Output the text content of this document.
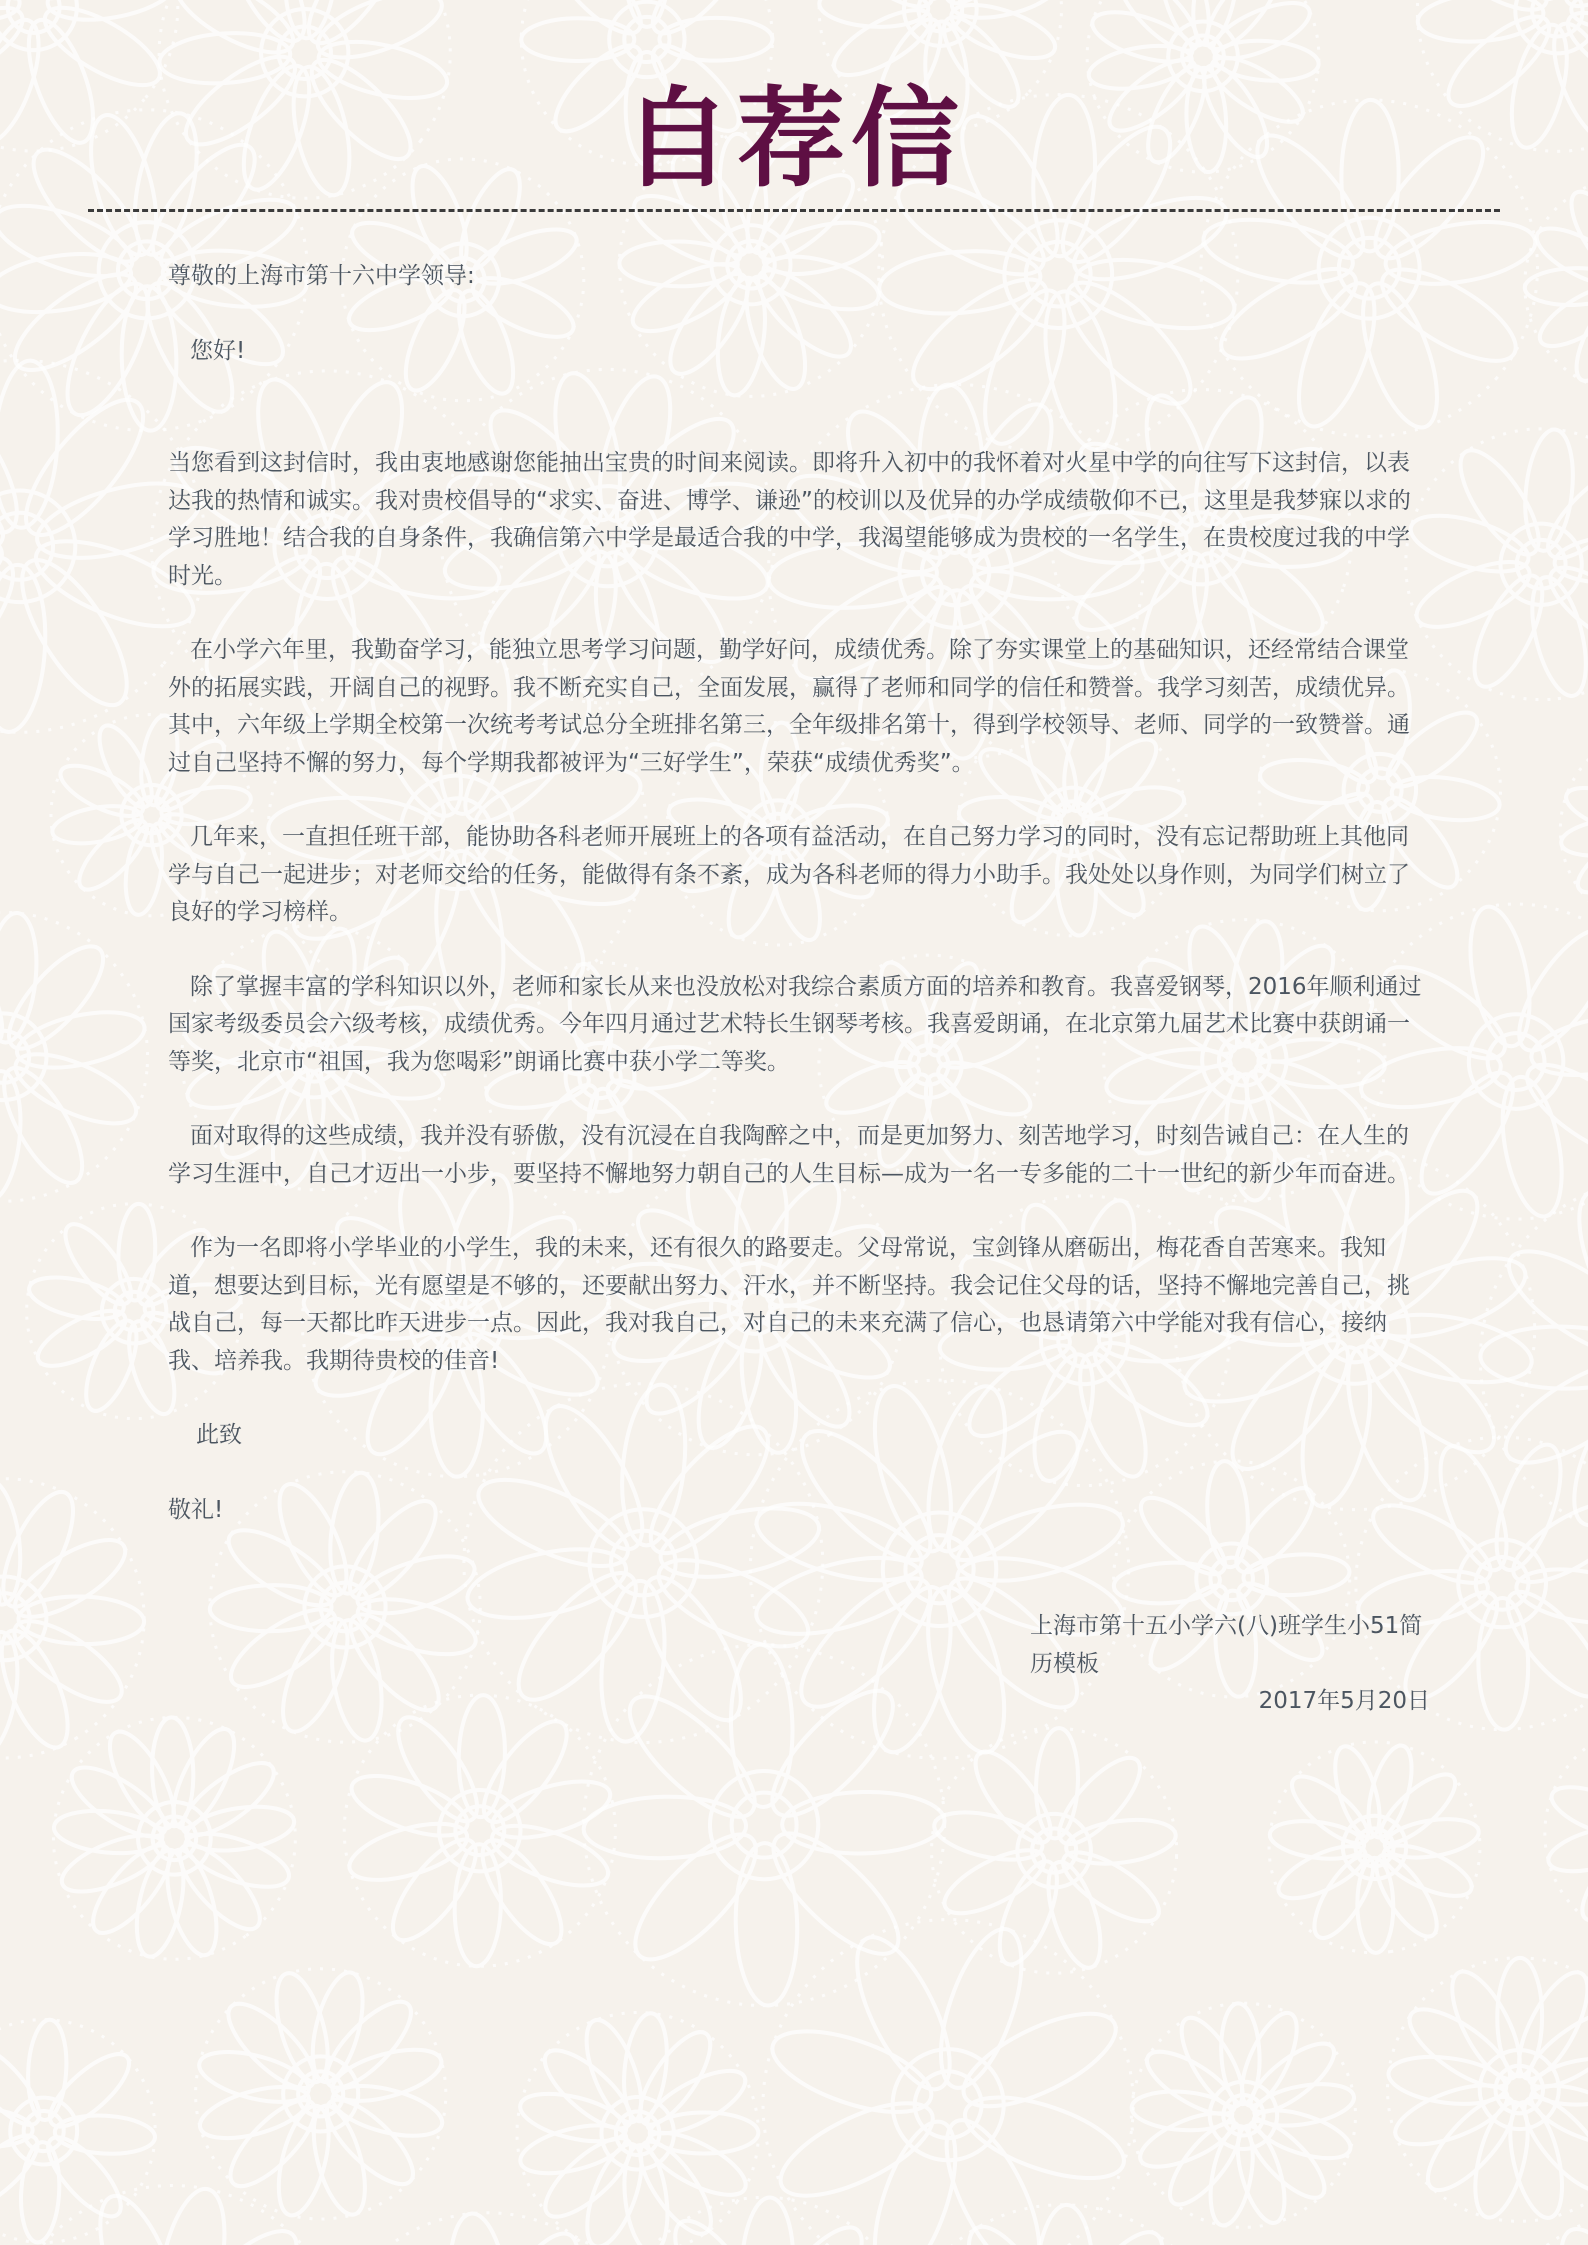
自荐信

尊敬的上海市第十六中学领导:

您好!

当您看到这封信时，我由衷地感谢您能抽出宝贵的时间来阅读。即将升入初中的我怀着对火星中学的向往写下这封信，以表达我的热情和诚实。我对贵校倡导的“求实、奋进、博学、谦逊”的校训以及优异的办学成绩敬仰不已，这里是我梦寐以求的学习胜地！结合我的自身条件，我确信第六中学是最适合我的中学，我渴望能够成为贵校的一名学生，在贵校度过我的中学时光。

在小学六年里，我勤奋学习，能独立思考学习问题，勤学好问，成绩优秀。除了夯实课堂上的基础知识，还经常结合课堂外的拓展实践，开阔自己的视野。我不断充实自己，全面发展，赢得了老师和同学的信任和赞誉。我学习刻苦，成绩优异。其中，六年级上学期全校第一次统考考试总分全班排名第三，全年级排名第十，得到学校领导、老师、同学的一致赞誉。通过自己坚持不懈的努力，每个学期我都被评为“三好学生”，荣获“成绩优秀奖”。

几年来，一直担任班干部，能协助各科老师开展班上的各项有益活动，在自己努力学习的同时，没有忘记帮助班上其他同学与自己一起进步；对老师交给的任务，能做得有条不紊，成为各科老师的得力小助手。我处处以身作则，为同学们树立了良好的学习榜样。

除了掌握丰富的学科知识以外，老师和家长从来也没放松对我综合素质方面的培养和教育。我喜爱钢琴，2016年顺利通过国家考级委员会六级考核，成绩优秀。今年四月通过艺术特长生钢琴考核。我喜爱朗诵，在北京第九届艺术比赛中获朗诵一等奖，北京市“祖国，我为您喝彩”朗诵比赛中获小学二等奖。

面对取得的这些成绩，我并没有骄傲，没有沉浸在自我陶醉之中，而是更加努力、刻苦地学习，时刻告诫自己：在人生的学习生涯中，自己才迈出一小步，要坚持不懈地努力朝自己的人生目标—成为一名一专多能的二十一世纪的新少年而奋进。

作为一名即将小学毕业的小学生，我的未来，还有很久的路要走。父母常说，宝剑锋从磨砺出，梅花香自苦寒来。我知道，想要达到目标，光有愿望是不够的，还要献出努力、汗水，并不断坚持。我会记住父母的话，坚持不懈地完善自己，挑战自己，每一天都比昨天进步一点。因此，我对我自己，对自己的未来充满了信心，也恳请第六中学能对我有信心，接纳我、培养我。我期待贵校的佳音!

此致

敬礼!

上海市第十五小学六(八)班学生小51简历模板
2017年5月20日
